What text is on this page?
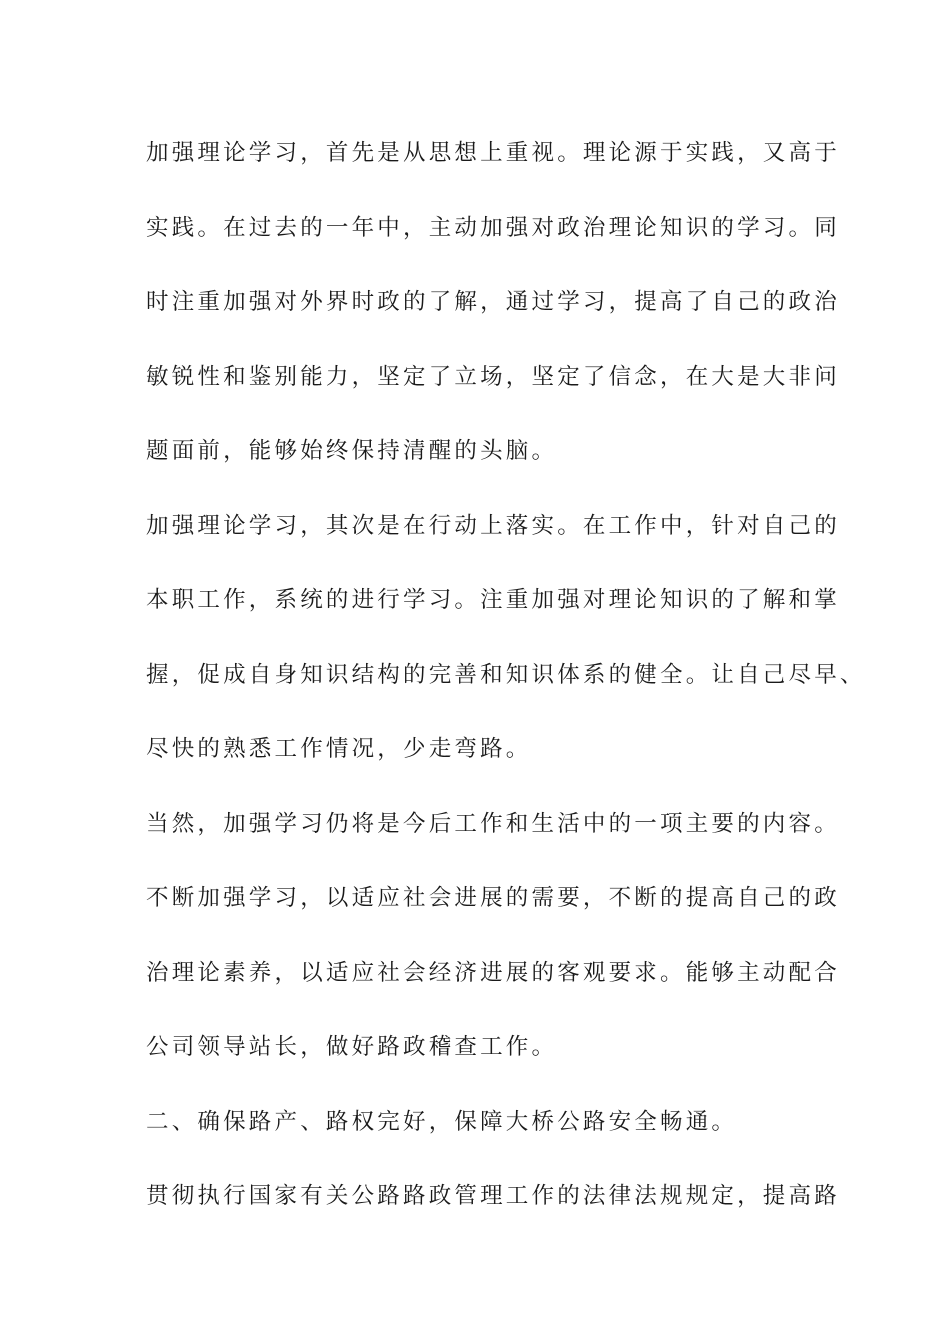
加强理论学习，首先是从思想上重视。理论源于实践，又高于
实践。在过去的一年中，主动加强对政治理论知识的学习。同
时注重加强对外界时政的了解，通过学习，提高了自己的政治
敏锐性和鉴别能力，坚定了立场，坚定了信念，在大是大非问
题面前，能够始终保持清醒的头脑。
加强理论学习，其次是在行动上落实。在工作中，针对自己的
本职工作，系统的进行学习。注重加强对理论知识的了解和掌
握，促成自身知识结构的完善和知识体系的健全。让自己尽早、
尽快的熟悉工作情况，少走弯路。
当然，加强学习仍将是今后工作和生活中的一项主要的内容。
不断加强学习，以适应社会进展的需要，不断的提高自己的政
治理论素养，以适应社会经济进展的客观要求。能够主动配合
公司领导站长，做好路政稽查工作。
二、确保路产、路权完好，保障大桥公路安全畅通。
贯彻执行国家有关公路路政管理工作的法律法规规定，提高路
